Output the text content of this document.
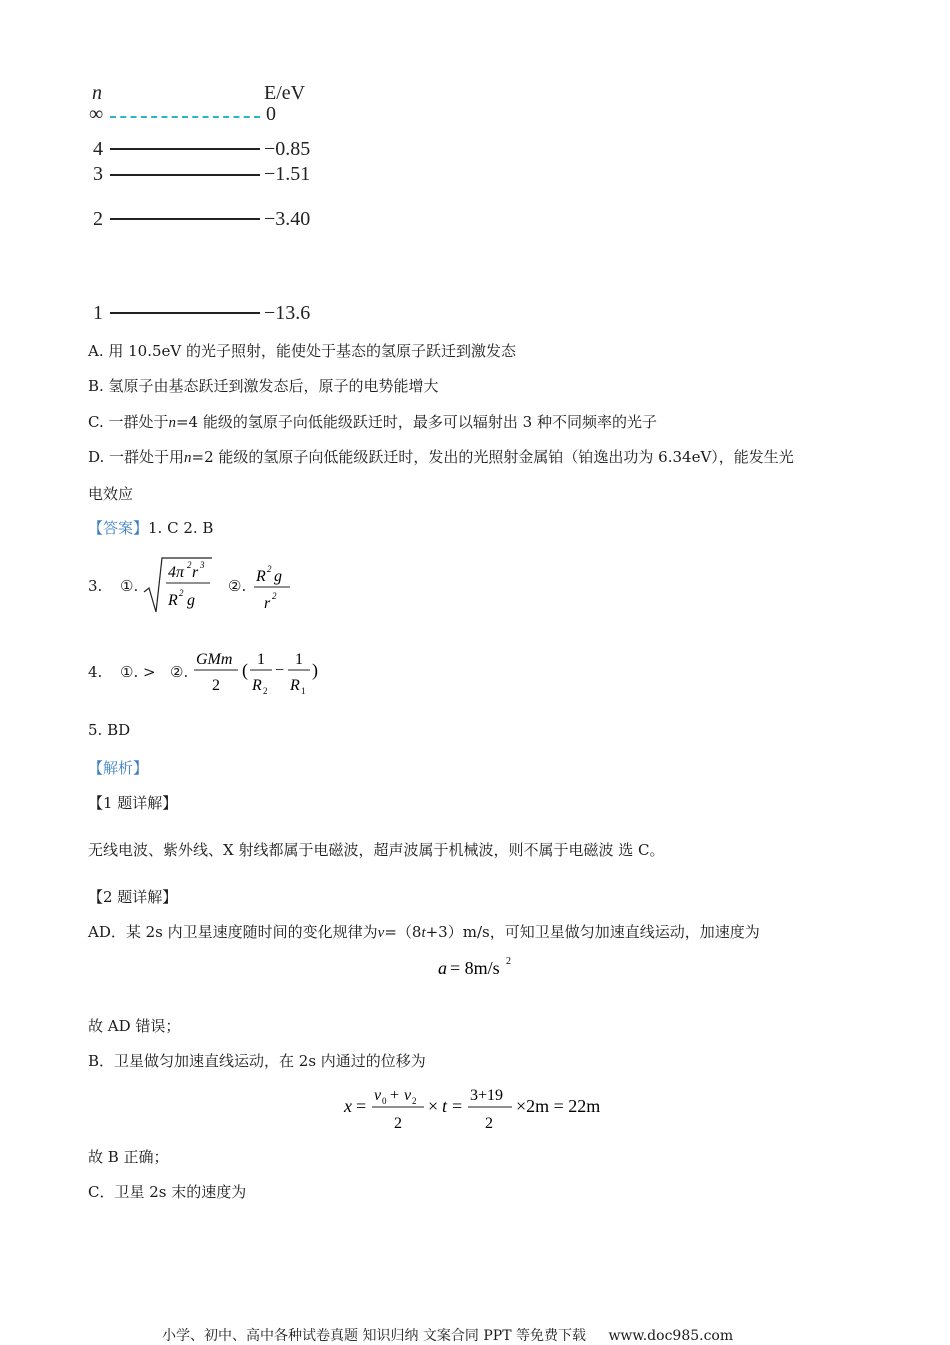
n	E/eV
∞	0
4	−0.85
3	−1.51
2	−3.40
1	−13.6
A. 用 10.5eV 的光子照射，能使处于基态的氢原子跃迁到激发态
B. 氢原子由基态跃迁到激发态后，原子的电势能增大
C. 一群处于n=4 能级的氢原子向低能级跃迁时，最多可以辐射出 3 种不同频率的光子
D. 一群处于用n=2 能级的氢原子向低能级跃迁时，发出的光照射金属铂（铂逸出功为 6.34eV），能发生光
电效应
【答案】1. C 2. B
3. ①.
4π 2 r 3
R 2 g
②.
R 2 g
r 2
4. ①. > ②.
GMm
2
(
1
R 2
−
1
R 1
)
5. BD
【解析】
【1 题详解】
无线电波、紫外线、X 射线都属于电磁波，超声波属于机械波，则不属于电磁波 选 C。
【2 题详解】
AD．某 2s 内卫星速度随时间的变化规律为v=（8t+3）m/s，可知卫星做匀加速直线运动，加速度为
a = 8m/s 2
故 AD 错误；
B．卫星做匀加速直线运动，在 2s 内通过的位移为
x =
v 0 + v 2
2
× t =
3+19
2
×2m = 22m
故 B 正确；
C．卫星 2s 末的速度为
小学、初中、高中各种试卷真题 知识归纳 文案合同 PPT 等免费下载 www.doc985.com
